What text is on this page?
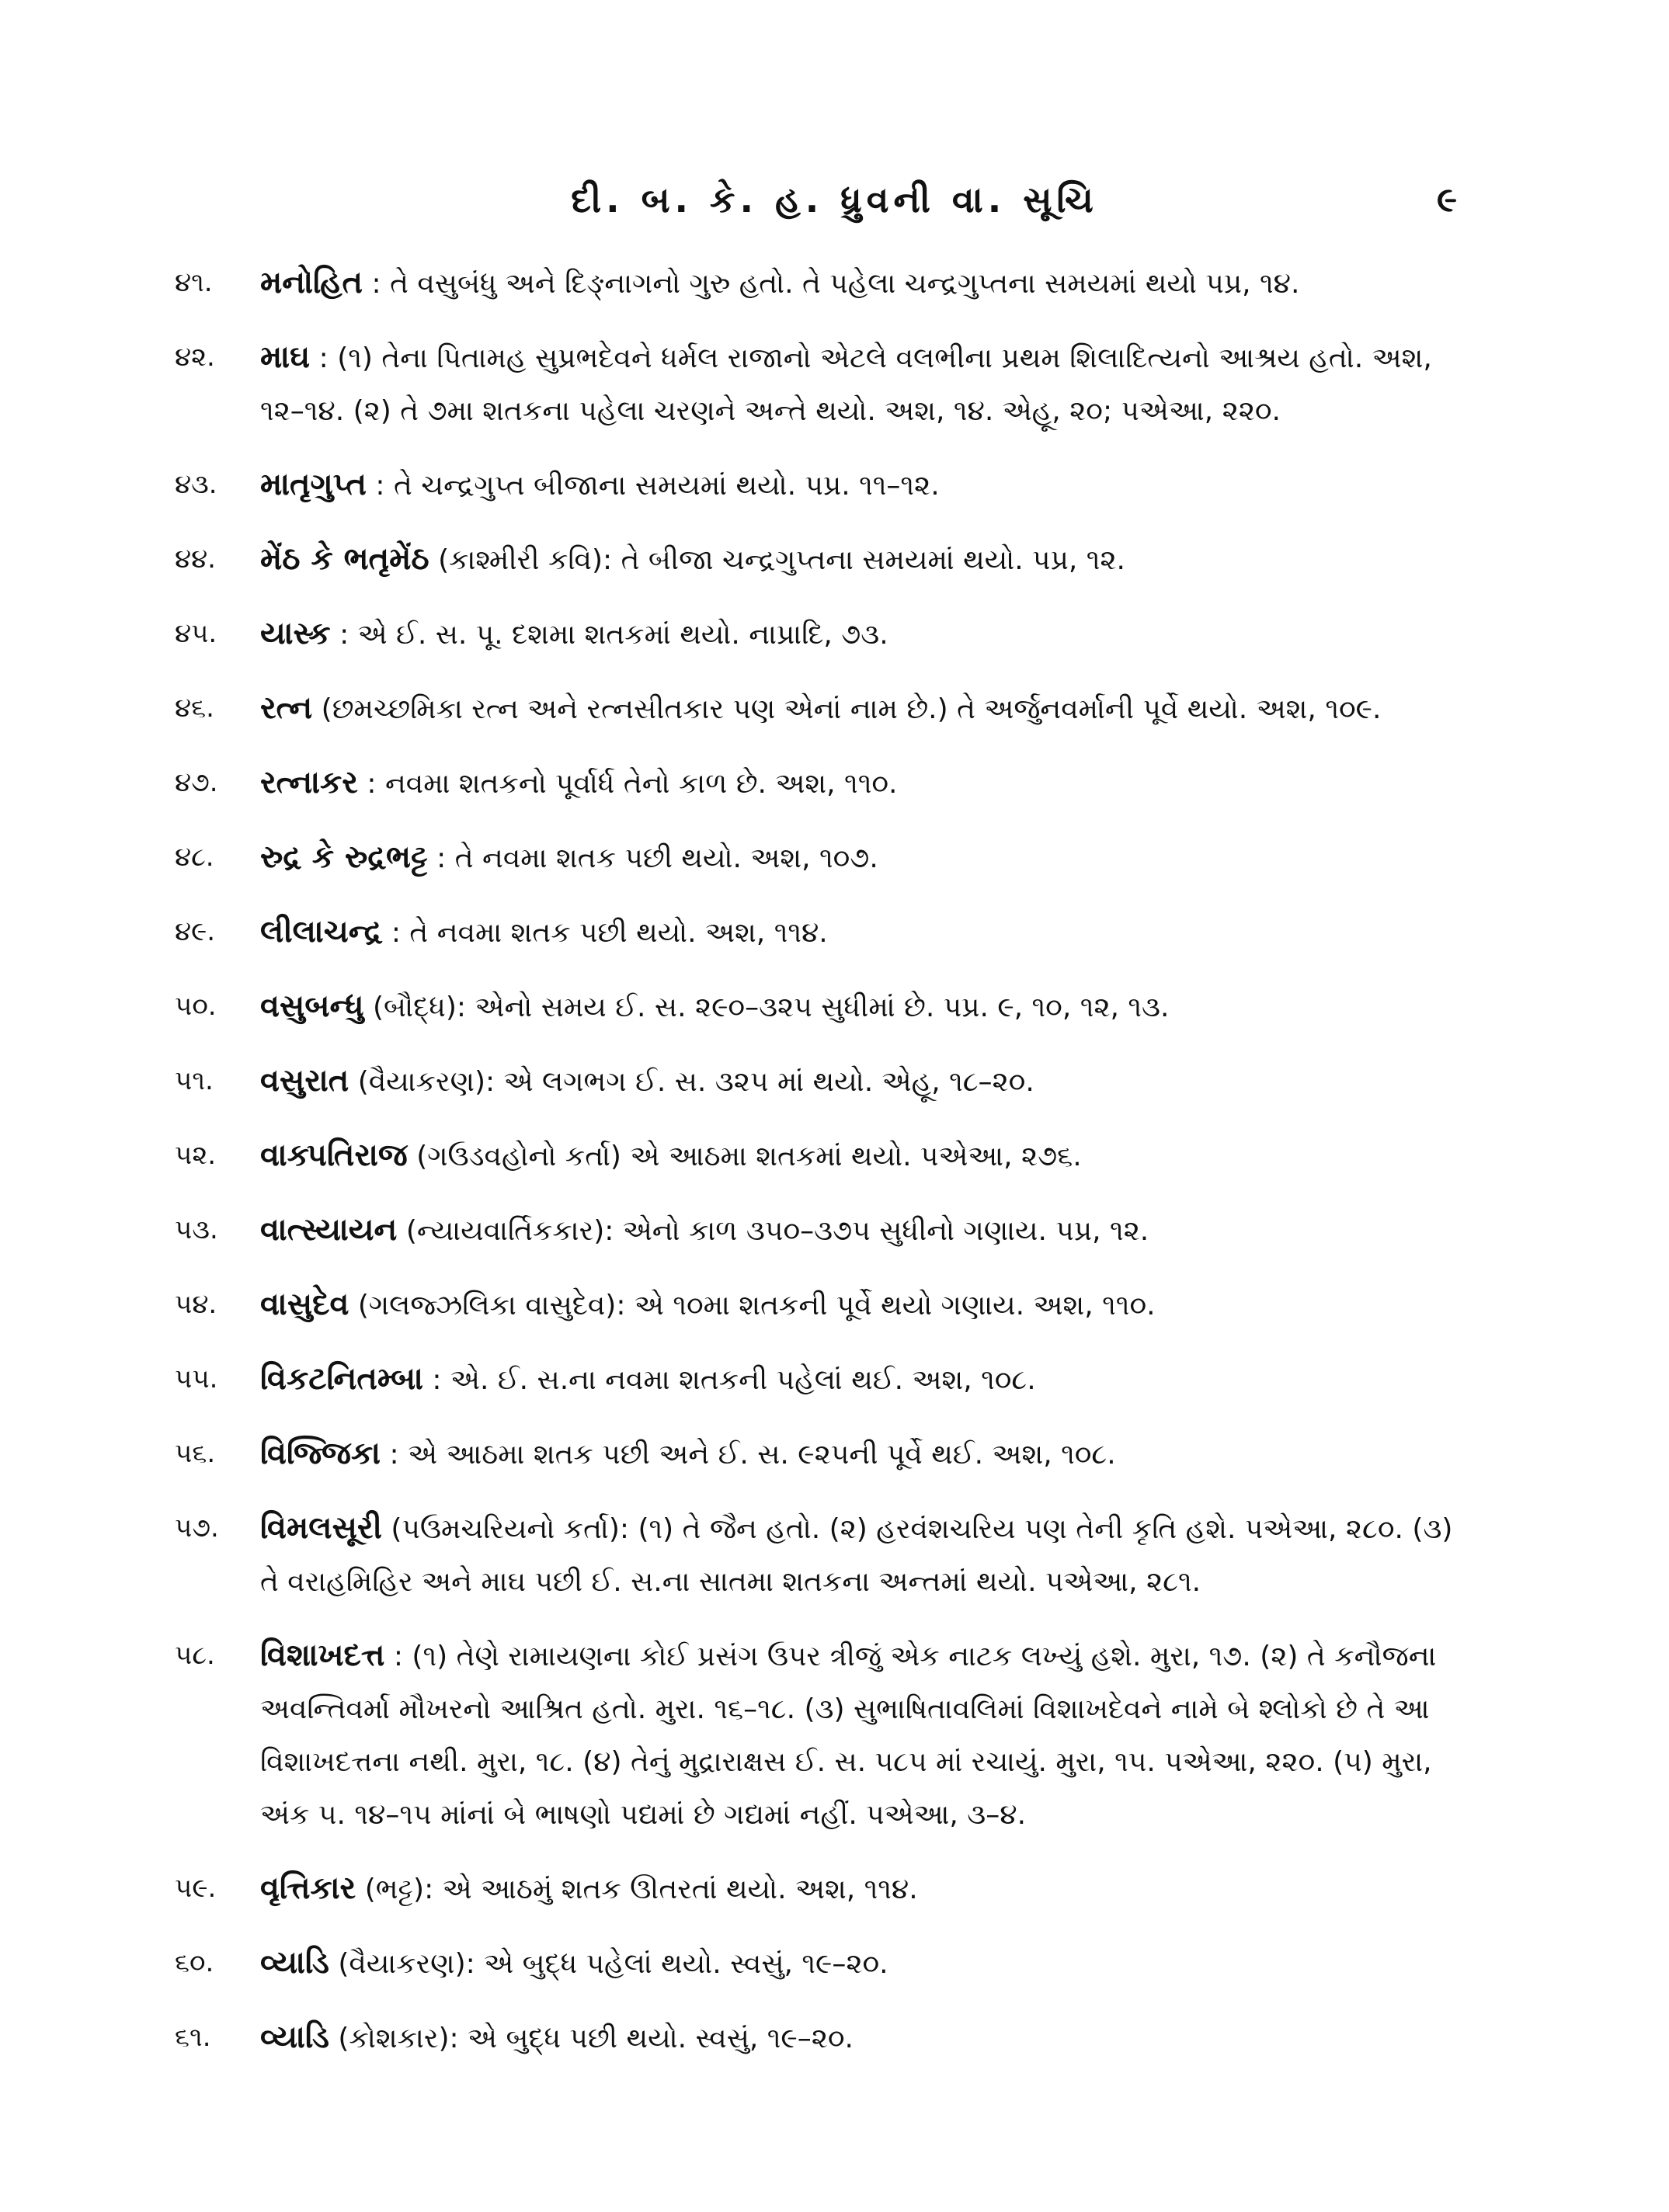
દી. બ. કે. હ. ધ્રુવની વા. સૂચિ	૯
૪૧.	મનોહિત : તે વસુબંધુ અને દિઙ્નાગનો ગુરુ હતો. તે પહેલા ચન્દ્રગુપ્તના સમયમાં થયો પપ્ર, ૧૪.
૪૨.	માઘ : (૧) તેના પિતામહ સુપ્રભદેવને ધર્મલ રાજાનો એટલે વલભીના પ્રથમ શિલાદિત્યનો આશ્રય હતો. અશ, ૧૨–૧૪. (૨) તે ૭મા શતકના પહેલા ચરણને અન્તે થયો. અશ, ૧૪. એહૂ, ૨૦; પએઆ, ૨૨૦.
૪૩.	માતૃગુપ્ત : તે ચન્દ્રગુપ્ત બીજાના સમયમાં થયો. પપ્ર. ૧૧–૧૨.
૪૪.	મેંઠ કે ભતૃમેંઠ (કાશ્મીરી કવિ): તે બીજા ચન્દ્રગુપ્તના સમયમાં થયો. પપ્ર, ૧૨.
૪૫.	યાસ્ક : એ ઈ. સ. પૂ. દશમા શતકમાં થયો. નાપ્રાદિ, ૭૩.
૪૬.	રત્ન (છમચ્છમિકા રત્ન અને રત્નસીતકાર પણ એનાં નામ છે.) તે અર્જુનવર્માની પૂર્વે થયો. અશ, ૧૦૯.
૪૭.	રત્નાકર : નવમા શતકનો પૂર્વાર્ધ તેનો કાળ છે. અશ, ૧૧૦.
૪૮.	રુદ્ર કે રુદ્રભટ્ટ : તે નવમા શતક પછી થયો. અશ, ૧૦૭.
૪૯.	લીલાચન્દ્ર : તે નવમા શતક પછી થયો. અશ, ૧૧૪.
૫૦.	વસુબન્ધુ (બૌદ્ધ): એનો સમય ઈ. સ. ૨૯૦–૩૨૫ સુધીમાં છે. પપ્ર. ૯, ૧૦, ૧૨, ૧૩.
૫૧.	વસુરાત (વૈયાકરણ): એ લગભગ ઈ. સ. ૩૨૫ માં થયો. એહૂ, ૧૮–૨૦.
૫૨.	વાક્પતિરાજ (ગઉડવહોનો કર્તા) એ આઠમા શતકમાં થયો. પએઆ, ૨૭૬.
૫૩.	વાત્સ્યાયન (ન્યાયવાર્તિકકાર): એનો કાળ ૩૫૦–૩૭૫ સુધીનો ગણાય. પપ્ર, ૧૨.
૫૪.	વાસુદેવ (ગલજ્ઝલિકા વાસુદેવ): એ ૧૦મા શતકની પૂર્વે થયો ગણાય. અશ, ૧૧૦.
૫૫.	વિકટનિતમ્બા : એ. ઈ. સ.ના નવમા શતકની પહેલાં થઈ. અશ, ૧૦૮.
૫૬.	વિજ્જિકા : એ આઠમા શતક પછી અને ઈ. સ. ૯૨૫ની પૂર્વે થઈ. અશ, ૧૦૮.
૫૭.	વિમલસૂરી (પઉમચરિયનો કર્તા): (૧) તે જૈન હતો. (૨) હરવંશચરિય પણ તેની કૃતિ હશે. પએઆ, ૨૮૦. (૩) તે વરાહમિહિર અને માઘ પછી ઈ. સ.ના સાતમા શતકના અન્તમાં થયો. પએઆ, ૨૮૧.
૫૮.	વિશાખદત્ત : (૧) તેણે રામાયણના કોઈ પ્રસંગ ઉપર ત્રીજું એક નાટક લખ્યું હશે. મુરા, ૧૭. (૨) તે કનૌજના અવન્તિવર્મા મૌખરનો આશ્રિત હતો. મુરા. ૧૬–૧૮. (૩) સુભાષિતાવલિમાં વિશાખદેવને નામે બે શ્લોકો છે તે આ વિશાખદત્તના નથી. મુરા, ૧૮. (૪) તેનું મુદ્રારાક્ષસ ઈ. સ. ૫૮૫ માં રચાયું. મુરા, ૧૫. પએઆ, ૨૨૦. (૫) મુરા, અંક ૫. ૧૪–૧૫ માંનાં બે ભાષણો પદ્યમાં છે ગદ્યમાં નહીં. પએઆ, ૩–૪.
૫૯.	વૃત્તિકાર (ભટ્ટ): એ આઠમું શતક ઊતરતાં થયો. અશ, ૧૧૪.
૬૦.	વ્યાડિ (વૈયાકરણ): એ બુદ્ધ પહેલાં થયો. સ્વસું, ૧૯–૨૦.
૬૧.	વ્યાડિ (કોશકાર): એ બુદ્ધ પછી થયો. સ્વસું, ૧૯–૨૦.
